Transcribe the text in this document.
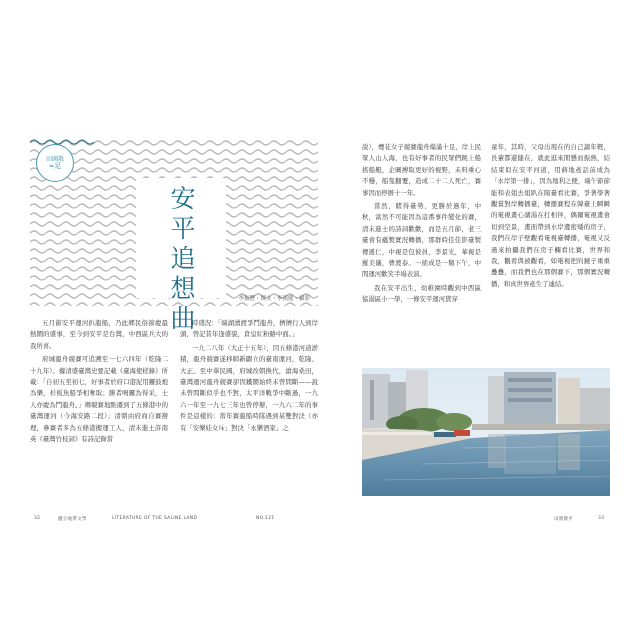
田園散
≈足
安平追想曲
李振豐・撰文・李漢健・攝影

五月節安平運河扒龍船，乃此鄉民俗節慶最熱鬧的盛事，至今到安平是台灣，中西區兵大的我所喜。

府城龍舟競賽可追溯至一七六四年（乾隆二十九年）。據清盛臺灣史要記載《臺海使槎錄》所載：「自初五至初七，好事者於府口港泥用鑼鼓炮為樂，杉板魚船爭相奪取；勝者鳴鑼為得采，士人亦慶為鬥龍舟。」鄉競賽地點遷到了五條港中的臺灣運河（今海安路二段）；清朝由府商自賽辦理，參賽者多為五條港搬運工人，清末進士許南英《臺灣竹枝詞》有詩記錄當

時盛況：「端湖湧渡爭鬥龍舟，擠擠行人到岸頭，曾記昔年逢盛貌，倉皇紅粉路中面。」

一九二八年（大正十五年），因五條港河道淤積，龍舟競賽遂移師新闢立的臺南運河，乾隆、大正、至中華民國，府城改朝換代，滄海桑田，臺灣運河龍舟競賽卻因鐵鬧始終未曾間斷——說未曾間斷似乎也不對，太平洋戰爭中斷過，一九六一年至一九七三年也曾停辦，一九六二年的事件是這樣的：當年賽龍船時隊遇到某雙對決（亦有「安樂娃女斥」對決「永樂酒家」之

說），煙花女子競賽龍舟爆滿十足，岸上民眾人山人海，也有好事者的民眾們跳上船搖船艇，企圖搏取更好的視野，未料乘心不穩，船隻翻覆，造成二十二人死亡，賽事因而停辦十一年。

當然，賭得臺勢，更勝於過年，中秋，富然不可能因為這番事件變化的賽，清末進士的詩詞歡歡，而是五月節，老三臺會有蘊製實況轉播，那群時佳佳影臺製傳遞仁，中視是包彼員，李景光，華視是羅美儀，曹渡泰。一搖成是一類下午，中間運河歡笑半場表演。

我在安平出生，幼稚園時觀到中西區協湯區小一學，一條安平運河貫穿

童年，其時，父母出現在的自己讀年輕，長輩都還健在，就此逛來閒懸而振熱，結結束似在安平河道，用蒔地產話前成為「水岸第一排」，因為地利之便，端午節節能和表姐去姐趴在陽臺看比賽，爭著學著觀賞對岸轉播臺，轉播賽程在韓臺上瞬瞬的電視畫心湖湯在打相伴，偶爾電視畫會切到空景，畫面帶到水岸邊密矮的房子，我們在岸子壁觀看電視臺轉播，電視又反過來拍攝我們在房子欄看比賽，世界和我，觀看與被觀看，如電視把的鏡子重重疊疊，而我們也在那個賽下，那個實況轉播，和真世界產生了連結。

32	鹽分地帶文學	LITERATURE OF THE SALINE LAND	NO.121	田園散步	33
